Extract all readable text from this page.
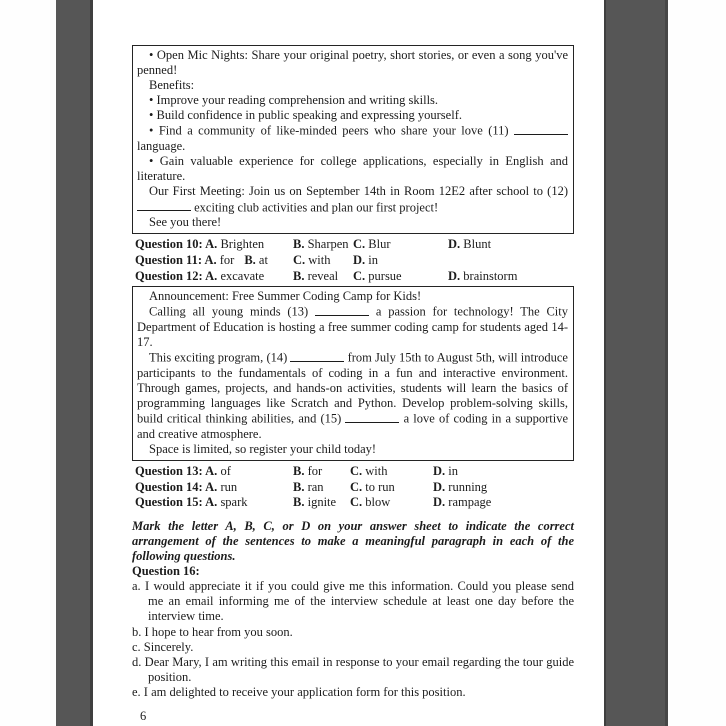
• Open Mic Nights: Share your original poetry, short stories, or even a song you've penned!

Benefits:

• Improve your reading comprehension and writing skills.

• Build confidence in public speaking and expressing yourself.

• Find a community of like-minded peers who share your love (11)  language.

• Gain valuable experience for college applications, especially in English and literature.

Our First Meeting: Join us on September 14th in Room 12E2 after school to (12)  exciting club activities and plan our first project!

See you there!

Question 10: A. Brighten	B. Sharpen C. Blur	D. Blunt
Question 11: A. for B. at	C. with	D. in
Question 12: A. excavate	B. reveal	C. pursue	D. brainstorm

Announcement: Free Summer Coding Camp for Kids!

Calling all young minds (13)	a passion for technology! The City Department of Education is hosting a free summer coding camp for students aged 14-17.

This exciting program, (14)	from July 15th to August 5th, will introduce participants to the fundamentals of coding in a fun and interactive environment. Through games, projects, and hands-on activities, students will learn the basics of programming languages like Scratch and Python. Develop problem-solving skills, build critical thinking abilities, and (15)	a love of coding in a supportive and creative atmosphere.

Space is limited, so register your child today!

Question 13: A. of	B. for	C. with	D. in
Question 14: A. run	B. ran	C. to run	D. running
Question 15: A. spark	B. ignite	C. blow	D. rampage

Mark the letter A, B, C, or D on your answer sheet to indicate the correct arrangement of the sentences to make a meaningful paragraph in each of the following questions.

Question 16:

a. I would appreciate it if you could give me this information. Could you please send me an email informing me of the interview schedule at least one day before the interview time.

b. I hope to hear from you soon.

c. Sincerely.

d. Dear Mary, I am writing this email in response to your email regarding the tour guide position.

e. I am delighted to receive your application form for this position.

6
